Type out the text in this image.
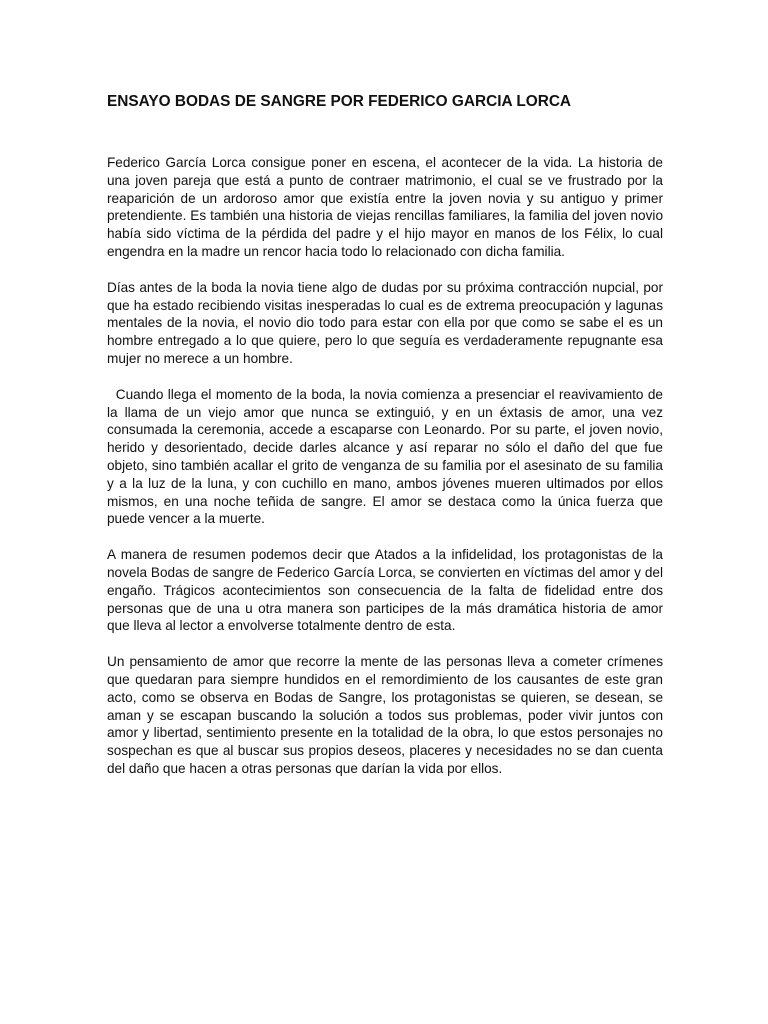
ENSAYO BODAS DE SANGRE POR FEDERICO GARCIA LORCA

Federico García Lorca consigue poner en escena, el acontecer de la vida. La historia de una joven pareja que está a punto de contraer matrimonio, el cual se ve frustrado por la reaparición de un ardoroso amor que existía entre la joven novia y su antiguo y primer pretendiente. Es también una historia de viejas rencillas familiares, la familia del joven novio había sido víctima de la pérdida del padre y el hijo mayor en manos de los Félix, lo cual engendra en la madre un rencor hacia todo lo relacionado con dicha familia.

Días antes de la boda la novia tiene algo de dudas por su próxima contracción nupcial, por que ha estado recibiendo visitas inesperadas lo cual es de extrema preocupación y lagunas mentales de la novia, el novio dio todo para estar con ella por que como se sabe el es un hombre entregado a lo que quiere, pero lo que seguía es verdaderamente repugnante esa mujer no merece a un hombre.

Cuando llega el momento de la boda, la novia comienza a presenciar el reavivamiento de la llama de un viejo amor que nunca se extinguió, y en un éxtasis de amor, una vez consumada la ceremonia, accede a escaparse con Leonardo. Por su parte, el joven novio, herido y desorientado, decide darles alcance y así reparar no sólo el daño del que fue objeto, sino también acallar el grito de venganza de su familia por el asesinato de su familia y a la luz de la luna, y con cuchillo en mano, ambos jóvenes mueren ultimados por ellos mismos, en una noche teñida de sangre. El amor se destaca como la única fuerza que puede vencer a la muerte.

A manera de resumen podemos decir que Atados a la infidelidad, los protagonistas de la novela Bodas de sangre de Federico García Lorca, se convierten en víctimas del amor y del engaño. Trágicos acontecimientos son consecuencia de la falta de fidelidad entre dos personas que de una u otra manera son participes de la más dramática historia de amor que lleva al lector a envolverse totalmente dentro de esta.

Un pensamiento de amor que recorre la mente de las personas lleva a cometer crímenes que quedaran para siempre hundidos en el remordimiento de los causantes de este gran acto, como se observa en Bodas de Sangre, los protagonistas se quieren, se desean, se aman y se escapan buscando la solución a todos sus problemas, poder vivir juntos con amor y libertad, sentimiento presente en la totalidad de la obra, lo que estos personajes no sospechan es que al buscar sus propios deseos, placeres y necesidades no se dan cuenta del daño que hacen a otras personas que darían la vida por ellos.
